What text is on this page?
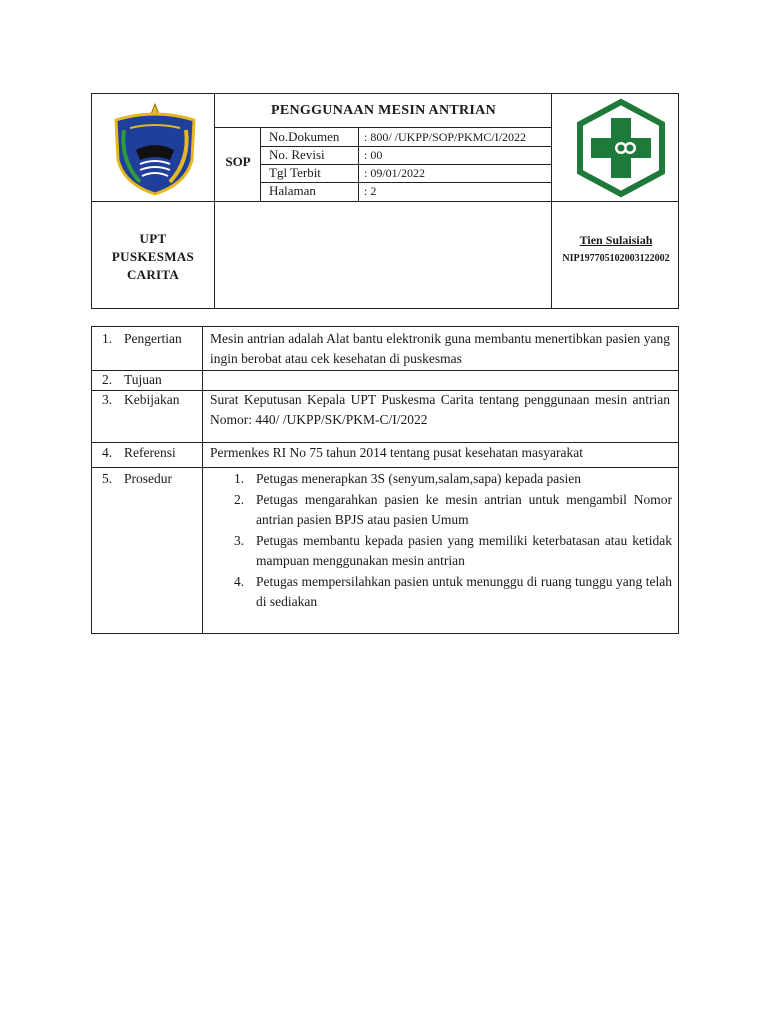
PENGGUNAAN MESIN ANTRIAN
SOP
No.Dokumen : 800/ /UKPP/SOP/PKMC/I/2022
No. Revisi	: 00
Tgl Terbit	: 09/01/2022
Halaman	: 2
UPT
PUSKESMAS
CARITA
Tien Sulaisiah
NIP197705102003122002
1. Pengertian Mesin antrian adalah Alat bantu elektronik guna membantu menertibkan pasien yang ingin berobat atau cek kesehatan di puskesmas
2. Tujuan
3. Kebijakan Surat Keputusan Kepala UPT Puskesma Carita tentang penggunaan mesin antrian Nomor: 440/ /UKPP/SK/PKM-C/I/2022
4. Referensi	Permenkes RI No 75 tahun 2014 tentang pusat kesehatan masyarakat
5. Prosedur	1. Petugas menerapkan 3S (senyum,salam,sapa) kepada pasien
2. Petugas mengarahkan pasien ke mesin antrian untuk mengambil Nomor antrian pasien BPJS atau pasien Umum
3. Petugas membantu kepada pasien yang memiliki keterbatasan atau ketidak mampuan menggunakan mesin antrian
4. Petugas mempersilahkan pasien untuk menunggu di ruang tunggu yang telah di sediakan
